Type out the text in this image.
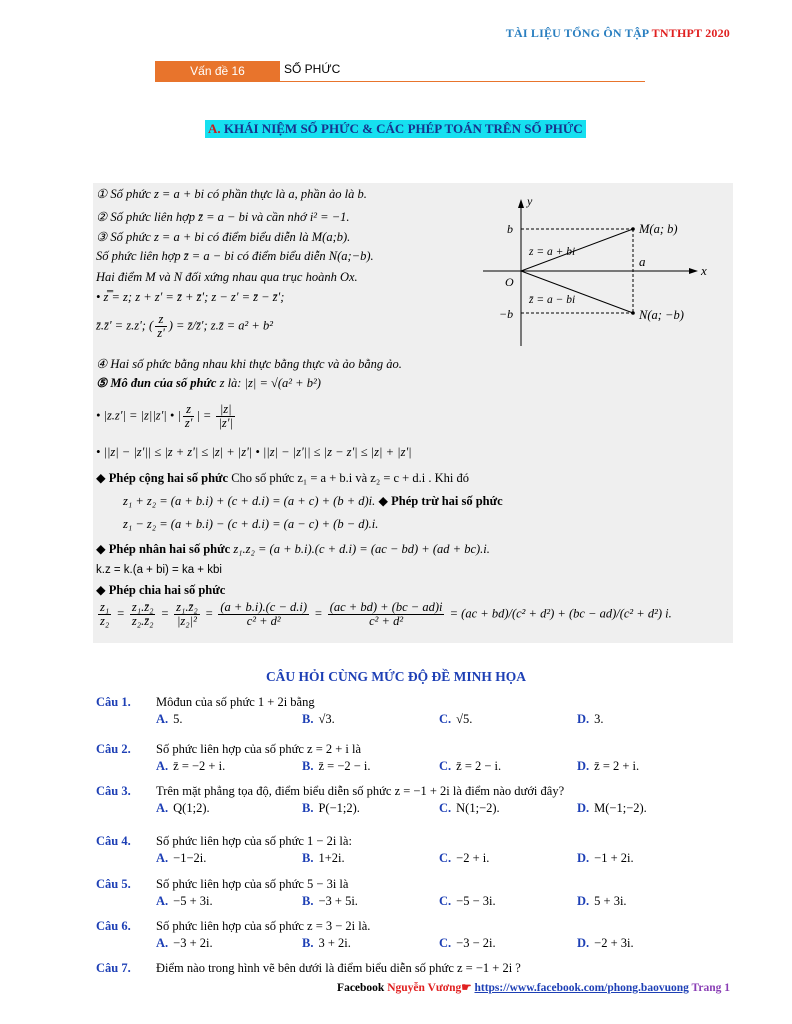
TÀI LIỆU TỔNG ÔN TẬP TNTHPT 2020
Vấn đề 16	SỐ PHỨC
A. KHÁI NIỆM SỐ PHỨC & CÁC PHÉP TOÁN TRÊN SỐ PHỨC
① Số phức z = a + bi có phần thực là a, phần ảo là b.
② Số phức liên hợp z̄ = a − bi và cần nhớ i² = −1.
③ Số phức z = a + bi có điểm biểu diễn là M(a;b).
Số phức liên hợp z̄ = a − bi có điểm biểu diễn N(a;−b).
Hai điểm M và N đối xứng nhau qua trục hoành Ox.
• z̿ = z; z + z' = z̄ + z̄'; z − z' = z̄ − z̄';
z̄.z̄' = z.z'; ( $\frac{z}{z'}$ ) = z̄/z̄'; z.z̄ = a² + b²
④ Hai số phức bằng nhau khi thực bằng thực và ảo bằng ảo.
⑤ Mô đun của số phức z là: |z| = √(a² + b²)
• |z.z'| = |z||z'| • | $\frac{z}{z'}$ | = $\frac{|z|}{|z'|}$
• ||z| − |z'|| ≤ |z + z'| ≤ |z| + |z'| • ||z| − |z'|| ≤ |z − z'| ≤ |z| + |z'|
◆ Phép cộng hai số phức Cho số phức z₁ = a + b.i và z₂ = c + d.i . Khi đó
z₁ + z₂ = (a + b.i) + (c + d.i) = (a + c) + (b + d)i. ◆ Phép trừ hai số phức
z₁ − z₂ = (a + b.i) − (c + d.i) = (a − c) + (b − d).i.
◆ Phép nhân hai số phức z₁.z₂ = (a + b.i).(c + d.i) = (ac − bd) + (ad + bc).i.
k.z = k.(a + bi) = ka + kbi
◆ Phép chia hai số phức
$\frac{\text{z₁}}{\text{z₂}} = \frac{\text{z₁.z̄₂}}{\text{z₂.z̄₂}} = \frac{\text{z₁.z̄₂}}{\text{|z₂|²}} = \frac{(a + b.i).(c - d.i)}{\text{c² + d²}} = \frac{(ac + bd) + (bc - ad)i}{\text{c² + d²}} = (ac + bd)/(c^2 + d^2) + (bc - ad)/(c^2 + d^2)$ i.
y
x
O
b
−b
a
M(a; b)
N(a; −b)
z = a + bi
z̄ = a − bi
CÂU HỎI CÙNG MỨC ĐỘ ĐỀ MINH HỌA
Câu 1. Môđun của số phức 1 + 2i bằng
A. 5.	B. √3.	C. √5.	D. 3.
Câu 2. Số phức liên hợp của số phức z = 2 + i là
A. z̄ = −2 + i.	B. z̄ = −2 − i.	C. z̄ = 2 − i.	D. z̄ = 2 + i.
Câu 3. Trên mặt phẳng tọa độ, điểm biểu diễn số phức z = −1 + 2i là điểm nào dưới đây?
A. Q(1;2).	B. P(−1;2).	C. N(1;−2).	D. M(−1;−2).
Câu 4. Số phức liên hợp của số phức 1 − 2i là:
A. −1−2i.	B. 1+2i.	C. −2 + i.	D. −1 + 2i.
Câu 5. Số phức liên hợp của số phức 5 − 3i là
A. −5 + 3i.	B. −3 + 5i.	C. −5 − 3i.	D. 5 + 3i.
Câu 6. Số phức liên hợp của số phức z = 3 − 2i là.
A. −3 + 2i.	B. 3 + 2i.	C. −3 − 2i.	D. −2 + 3i.
Câu 7. Điểm nào trong hình vẽ bên dưới là điểm biểu diễn số phức z = −1 + 2i ?
Facebook Nguyễn Vương☛ https://www.facebook.com/phong.baovuong Trang 1
